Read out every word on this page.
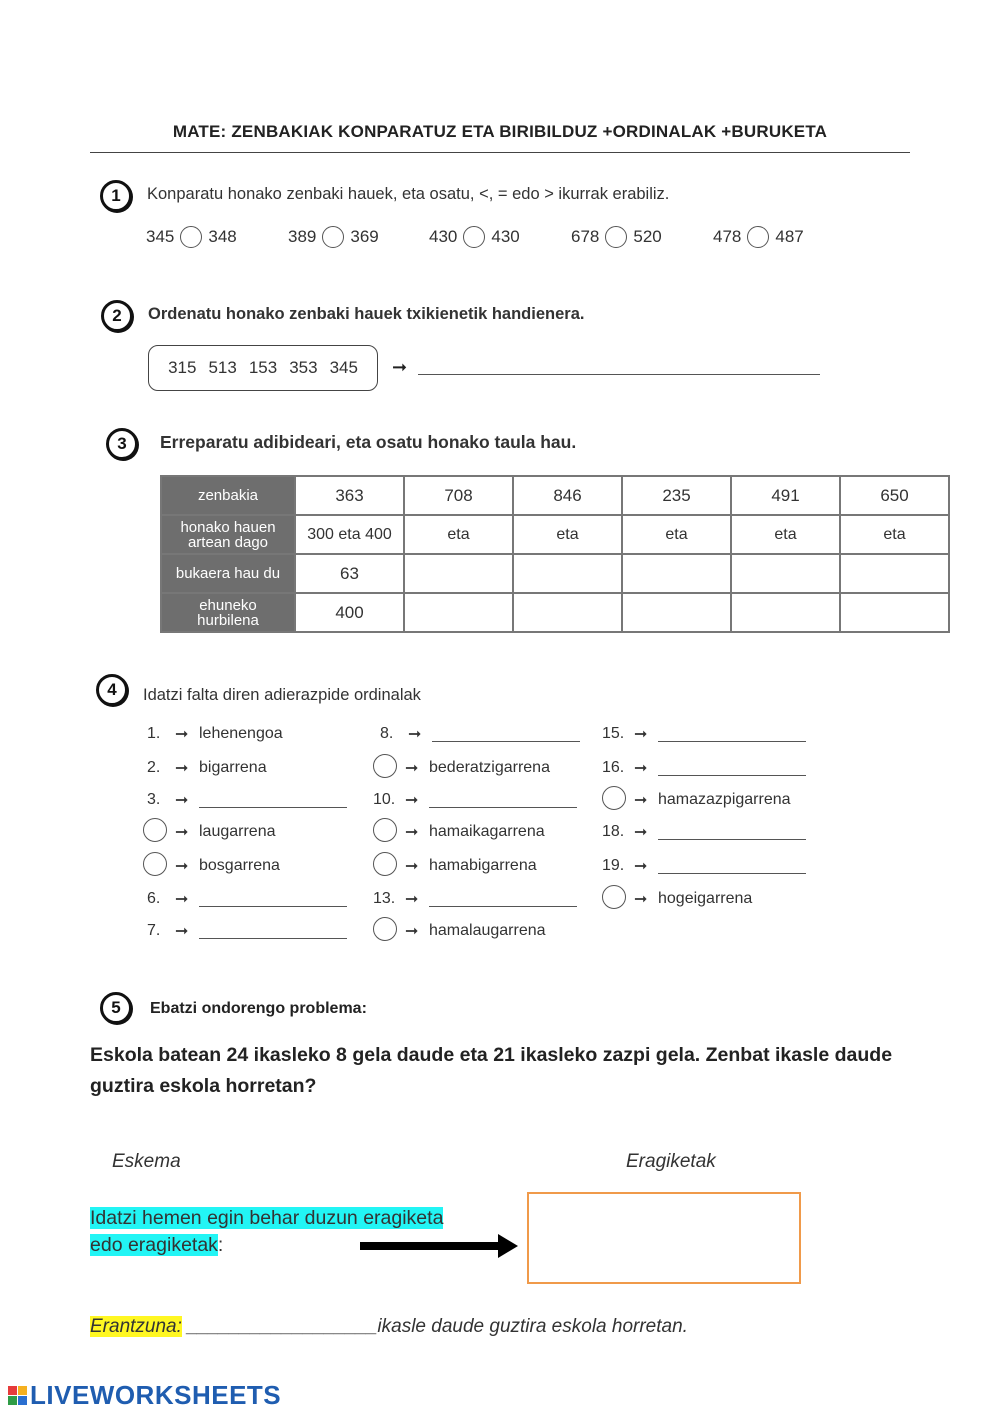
MATE: ZENBAKIAK KONPARATUZ ETA BIRIBILDUZ +ORDINALAK +BURUKETA
1	Konparatu honako zenbaki hauek, eta osatu, <, = edo > ikurrak erabiliz.
345 348	389 369	430 430	678 520	478 487
2	Ordenatu honako zenbaki hauek txikienetik handienera.
315 513 153 353 345 ➞
3	Erreparatu adibideari, eta osatu honako taula hau.
zenbakia	363	708	846	235	491	650

honako hauen
artean dago	300 eta 400	eta	eta	eta	eta	eta
bukaera hau du	63					

ehuneko
hurbilena	400					
4	Idatzi falta diren adierazpide ordinalak
1. ➞ lehenengoa
2. ➞ bigarrena
3. ➞
➞ laugarrena
➞ bosgarrena
6. ➞
7. ➞
8. ➞
➞ bederatzigarrena
10. ➞
➞ hamaikagarrena
➞ hamabigarrena
13. ➞
➞ hamalaugarrena
15. ➞
16. ➞
➞ hamazazpigarrena
18. ➞
19. ➞
➞ hogeigarrena
5	Ebatzi ondorengo problema:
Eskola batean 24 ikasleko 8 gela daude eta 21 ikasleko zazpi gela. Zenbat ikasle daude guztira eskola horretan?
Eskema	Eragiketak
Idatzi hemen egin behar duzun eragiketa
edo eragiketak:
Erantzuna: __________________ikasle daude guztira eskola horretan.
LIVEWORKSHEETS
